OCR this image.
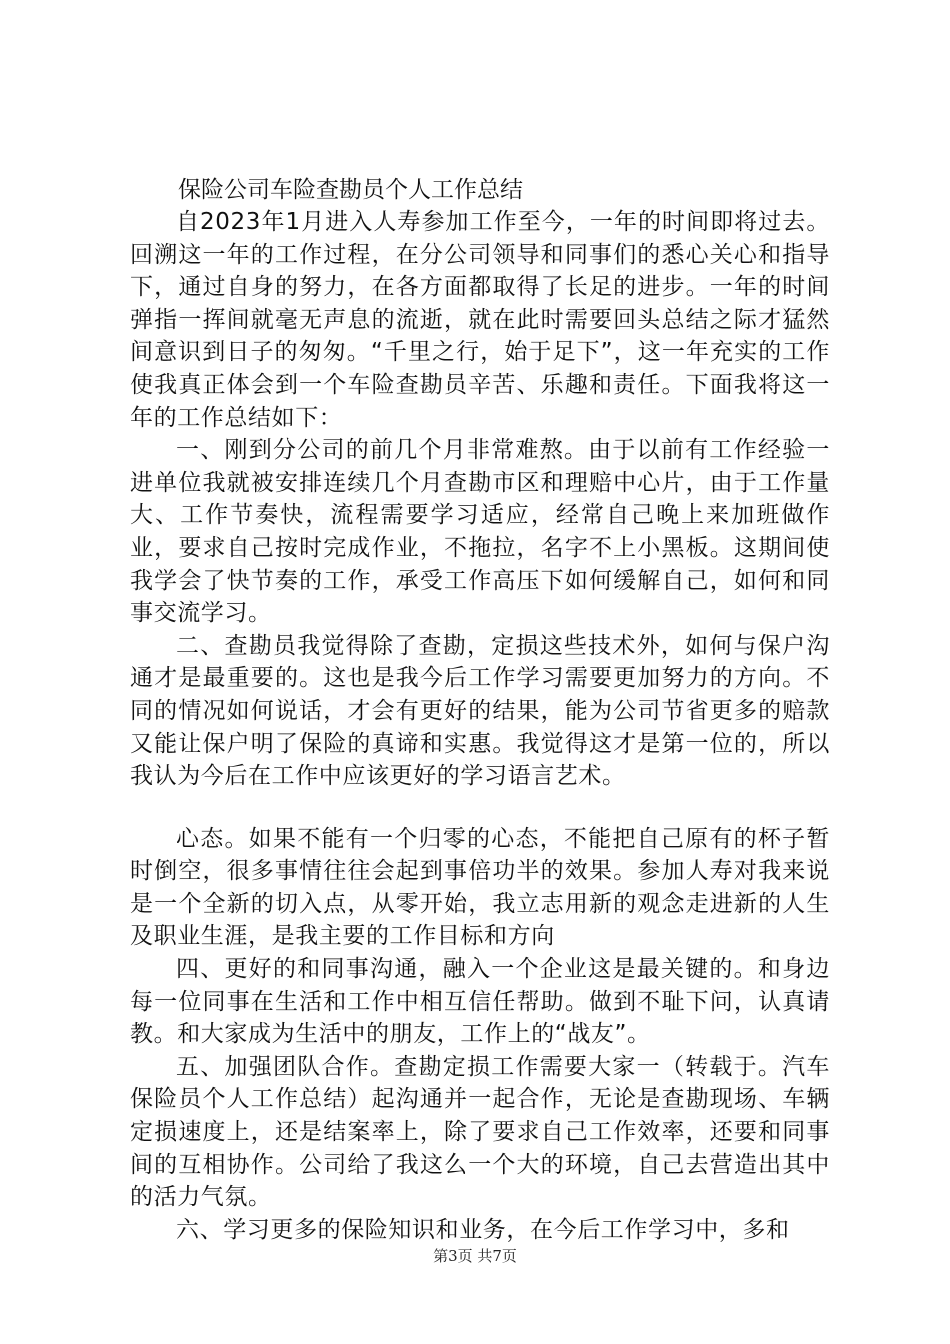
保险公司车险查勘员个人工作总结

自2023年1月进入人寿参加工作至今，一年的时间即将过去。回溯这一年的工作过程，在分公司领导和同事们的悉心关心和指导下，通过自身的努力，在各方面都取得了长足的进步。一年的时间弹指一挥间就毫无声息的流逝，就在此时需要回头总结之际才猛然间意识到日子的匆匆。“千里之行，始于足下”，这一年充实的工作使我真正体会到一个车险查勘员辛苦、乐趣和责任。下面我将这一年的工作总结如下：

一、刚到分公司的前几个月非常难熬。由于以前有工作经验一进单位我就被安排连续几个月查勘市区和理赔中心片，由于工作量大、工作节奏快，流程需要学习适应，经常自己晚上来加班做作业，要求自己按时完成作业，不拖拉，名字不上小黑板。这期间使我学会了快节奏的工作，承受工作高压下如何缓解自己，如何和同事交流学习。

二、查勘员我觉得除了查勘，定损这些技术外，如何与保户沟通才是最重要的。这也是我今后工作学习需要更加努力的方向。不同的情况如何说话，才会有更好的结果，能为公司节省更多的赔款又能让保户明了保险的真谛和实惠。我觉得这才是第一位的，所以我认为今后在工作中应该更好的学习语言艺术。

心态。如果不能有一个归零的心态，不能把自己原有的杯子暂时倒空，很多事情往往会起到事倍功半的效果。参加人寿对我来说是一个全新的切入点，从零开始，我立志用新的观念走进新的人生及职业生涯，是我主要的工作目标和方向

四、更好的和同事沟通，融入一个企业这是最关键的。和身边每一位同事在生活和工作中相互信任帮助。做到不耻下问，认真请教。和大家成为生活中的朋友，工作上的“战友”。

五、加强团队合作。查勘定损工作需要大家一（转载于。汽车保险员个人工作总结）起沟通并一起合作，无论是查勘现场、车辆定损速度上，还是结案率上，除了要求自己工作效率，还要和同事间的互相协作。公司给了我这么一个大的环境，自己去营造出其中的活力气氛。

六、学习更多的保险知识和业务，在今后工作学习中，多和

第3页 共7页
